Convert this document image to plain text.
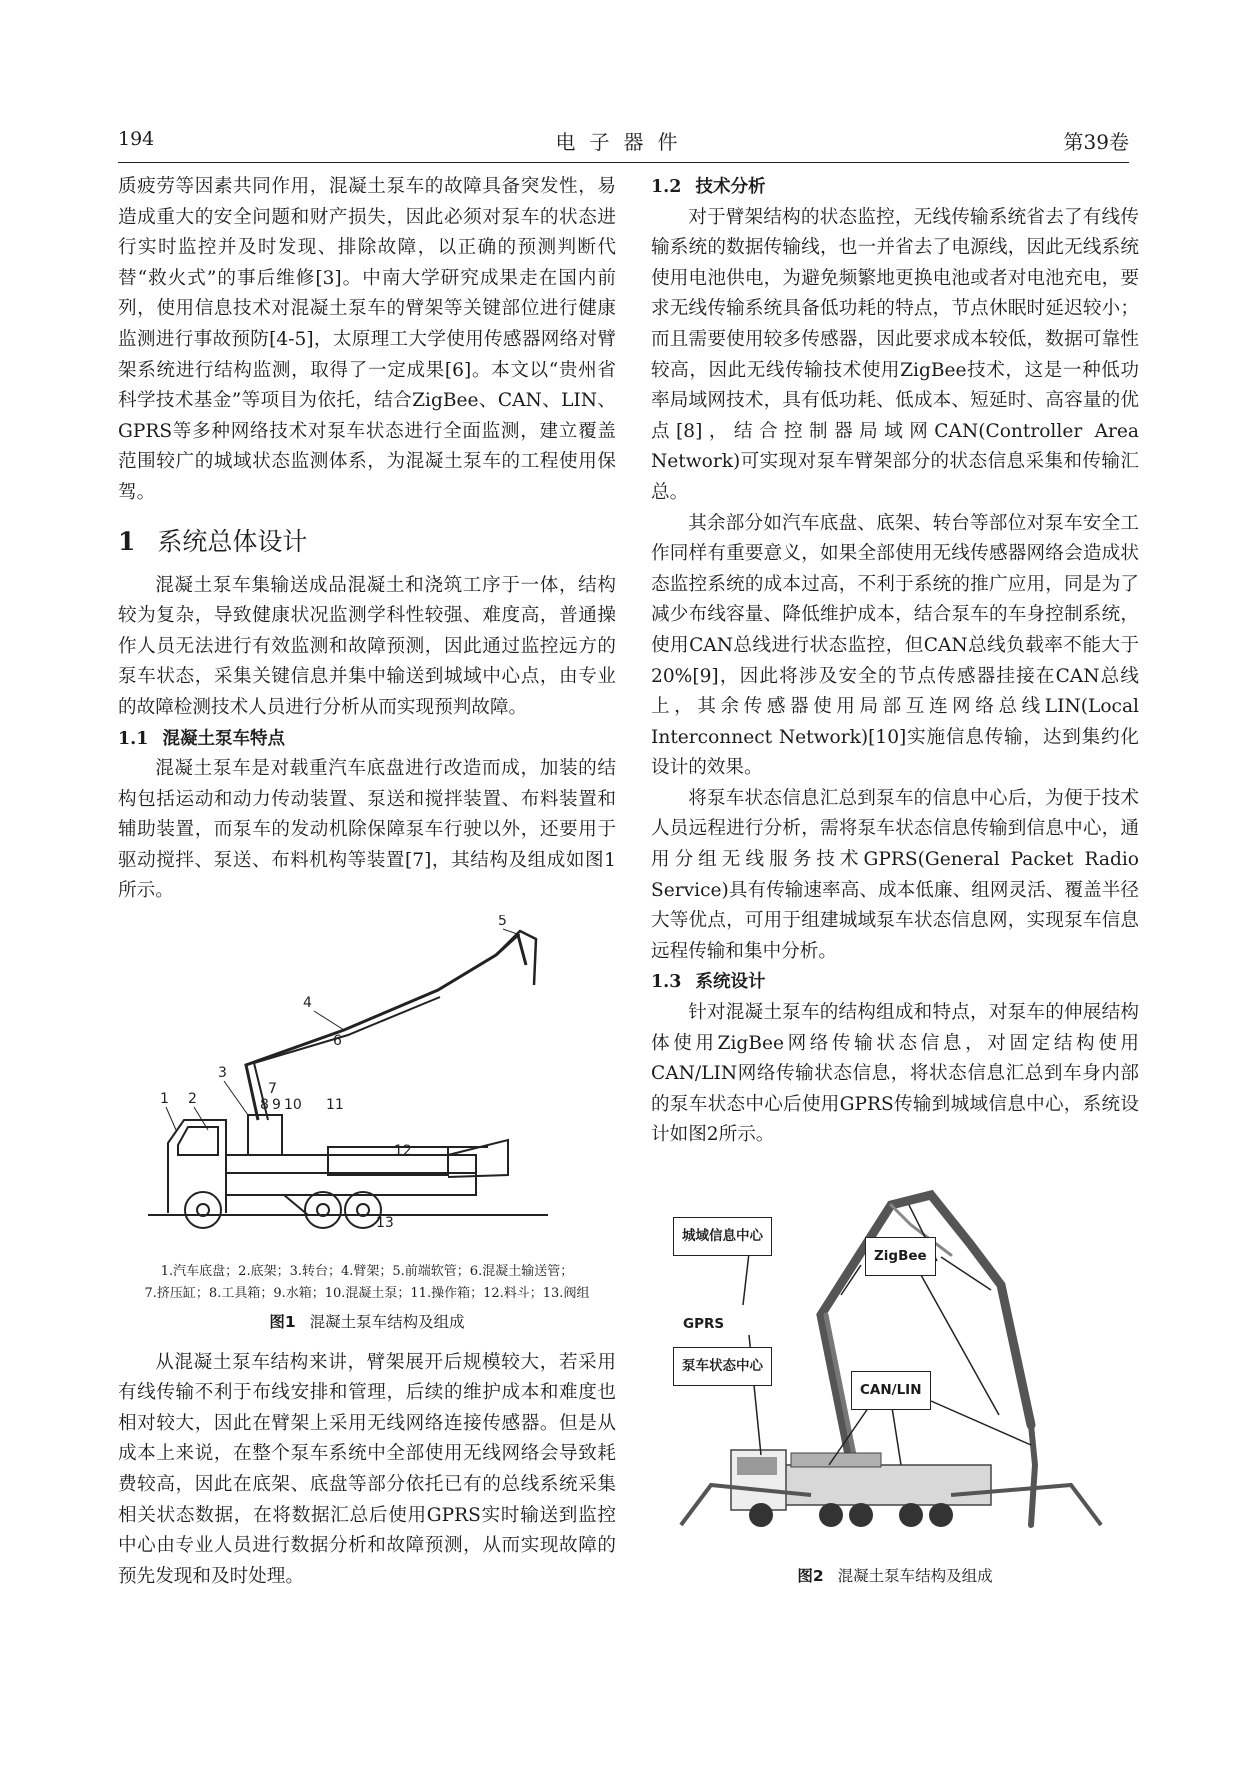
194	电子器件	第39卷

质疲劳等因素共同作用，混凝土泵车的故障具备突发性，易造成重大的安全问题和财产损失，因此必须对泵车的状态进行实时监控并及时发现、排除故障，以正确的预测判断代替“救火式”的事后维修[3]。中南大学研究成果走在国内前列，使用信息技术对混凝土泵车的臂架等关键部位进行健康监测进行事故预防[4-5]，太原理工大学使用传感器网络对臂架系统进行结构监测，取得了一定成果[6]。本文以“贵州省科学技术基金”等项目为依托，结合ZigBee、CAN、LIN、GPRS等多种网络技术对泵车状态进行全面监测，建立覆盖范围较广的城域状态监测体系，为混凝土泵车的工程使用保驾。

1 系统总体设计

混凝土泵车集输送成品混凝土和浇筑工序于一体，结构较为复杂，导致健康状况监测学科性较强、难度高，普通操作人员无法进行有效监测和故障预测，因此通过监控远方的泵车状态，采集关键信息并集中输送到城域中心点，由专业的故障检测技术人员进行分析从而实现预判故障。

1.1 混凝土泵车特点

混凝土泵车是对载重汽车底盘进行改造而成，加装的结构包括运动和动力传动装置、泵送和搅拌装置、布料装置和辅助装置，而泵车的发动机除保障泵车行驶以外，还要用于驱动搅拌、泵送、布料机构等装置[7]，其结构及组成如图1所示。

1 2
3
4
5
6
7
8 9 10 11
12
13

1.汽车底盘；2.底架；3.转台；4.臂架；5.前端软管；6.混凝土输送管；

7.挤压缸；8.工具箱；9.水箱；10.混凝土泵；11.操作箱；12.料斗；13.阀组

图1 混凝土泵车结构及组成

从混凝土泵车结构来讲，臂架展开后规模较大，若采用有线传输不利于布线安排和管理，后续的维护成本和难度也相对较大，因此在臂架上采用无线网络连接传感器。但是从成本上来说，在整个泵车系统中全部使用无线网络会导致耗费较高，因此在底架、底盘等部分依托已有的总线系统采集相关状态数据，在将数据汇总后使用GPRS实时输送到监控中心由专业人员进行数据分析和故障预测，从而实现故障的预先发现和及时处理。

1.2 技术分析

对于臂架结构的状态监控，无线传输系统省去了有线传输系统的数据传输线，也一并省去了电源线，因此无线系统使用电池供电，为避免频繁地更换电池或者对电池充电，要求无线传输系统具备低功耗的特点，节点休眠时延迟较小；而且需要使用较多传感器，因此要求成本较低，数据可靠性较高，因此无线传输技术使用ZigBee技术，这是一种低功率局域网技术，具有低功耗、低成本、短延时、高容量的优点[8]，结合控制器局域网CAN(Controller Area Network)可实现对泵车臂架部分的状态信息采集和传输汇总。

其余部分如汽车底盘、底架、转台等部位对泵车安全工作同样有重要意义，如果全部使用无线传感器网络会造成状态监控系统的成本过高，不利于系统的推广应用，同是为了减少布线容量、降低维护成本，结合泵车的车身控制系统，使用CAN总线进行状态监控，但CAN总线负载率不能大于20%[9]，因此将涉及安全的节点传感器挂接在CAN总线上，其余传感器使用局部互连网络总线LIN(Local Interconnect Network)[10]实施信息传输，达到集约化设计的效果。

将泵车状态信息汇总到泵车的信息中心后，为便于技术人员远程进行分析，需将泵车状态信息传输到信息中心，通用分组无线服务技术GPRS(General Packet Radio Service)具有传输速率高、成本低廉、组网灵活、覆盖半径大等优点，可用于组建城域泵车状态信息网，实现泵车信息远程传输和集中分析。

1.3 系统设计

针对混凝土泵车的结构组成和特点，对泵车的伸展结构体使用ZigBee网络传输状态信息，对固定结构使用CAN/LIN网络传输状态信息，将状态信息汇总到车身内部的泵车状态中心后使用GPRS传输到城域信息中心，系统设计如图2所示。

城域信息中心
GPRS
泵车状态中心
ZigBee
CAN/LIN

图2 混凝土泵车结构及组成
